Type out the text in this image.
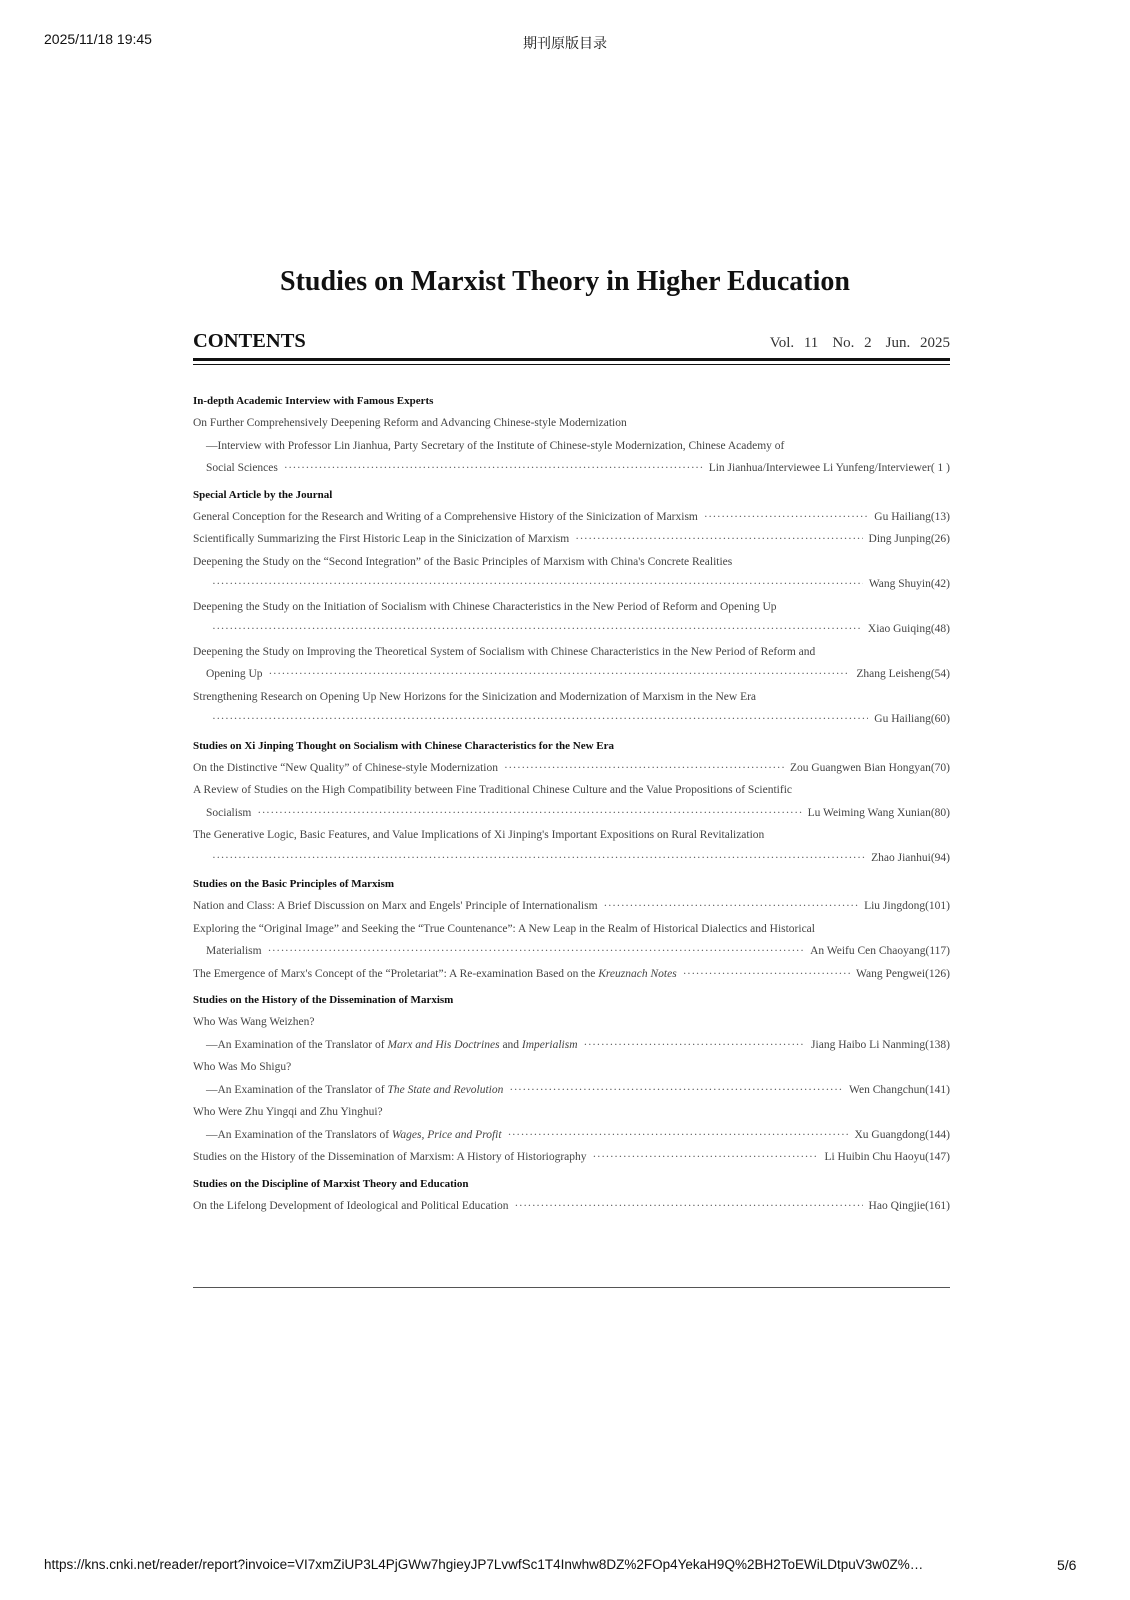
2025/11/18 19:45	期刊原版目录
Studies on Marxist Theory in Higher Education
CONTENTS	Vol. 11 No. 2 Jun. 2025
In-depth Academic Interview with Famous Experts
On Further Comprehensively Deepening Reform and Advancing Chinese-style Modernization
—Interview with Professor Lin Jianhua, Party Secretary of the Institute of Chinese-style Modernization, Chinese Academy of
Social Sciences ·····	Lin Jianhua/Interviewee Li Yunfeng/Interviewer( 1 )
Special Article by the Journal
General Conception for the Research and Writing of a Comprehensive History of the Sinicization of Marxism ·····	Gu Hailiang(13)
Scientifically Summarizing the First Historic Leap in the Sinicization of Marxism ·····	Ding Junping(26)
Deepening the Study on the “Second Integration” of the Basic Principles of Marxism with China's Concrete Realities
·····
Wang Shuyin(42)
Deepening the Study on the Initiation of Socialism with Chinese Characteristics in the New Period of Reform and Opening Up
·····
Xiao Guiqing(48)
Deepening the Study on Improving the Theoretical System of Socialism with Chinese Characteristics in the New Period of Reform and
Opening Up ·····	Zhang Leisheng(54)
Strengthening Research on Opening Up New Horizons for the Sinicization and Modernization of Marxism in the New Era
·····
Gu Hailiang(60)
Studies on Xi Jinping Thought on Socialism with Chinese Characteristics for the New Era
On the Distinctive “New Quality” of Chinese-style Modernization ·····	Zou Guangwen Bian Hongyan(70)
A Review of Studies on the High Compatibility between Fine Traditional Chinese Culture and the Value Propositions of Scientific
Socialism ·····	Lu Weiming Wang Xunian(80)
The Generative Logic, Basic Features, and Value Implications of Xi Jinping's Important Expositions on Rural Revitalization
·····
Zhao Jianhui(94)
Studies on the Basic Principles of Marxism
Nation and Class: A Brief Discussion on Marx and Engels' Principle of Internationalism ·····	Liu Jingdong(101)
Exploring the “Original Image” and Seeking the “True Countenance”: A New Leap in the Realm of Historical Dialectics and Historical
Materialism ·····	An Weifu Cen Chaoyang(117)
The Emergence of Marx's Concept of the “Proletariat”: A Re-examination Based on the Kreuznach Notes ·····	Wang Pengwei(126)
Studies on the History of the Dissemination of Marxism
Who Was Wang Weizhen?
—An Examination of the Translator of Marx and His Doctrines and Imperialism ·····	Jiang Haibo Li Nanming(138)
Who Was Mo Shigu?
—An Examination of the Translator of The State and Revolution ·····	Wen Changchun(141)
Who Were Zhu Yingqi and Zhu Yinghui?
—An Examination of the Translators of Wages, Price and Profit ·····	Xu Guangdong(144)
Studies on the History of the Dissemination of Marxism: A History of Historiography ·····	Li Huibin Chu Haoyu(147)
Studies on the Discipline of Marxist Theory and Education
On the Lifelong Development of Ideological and Political Education ·····	Hao Qingjie(161)
https://kns.cnki.net/reader/report?invoice=VI7xmZiUP3L4PjGWw7hgieyJP7LvwfSc1T4Inwhw8DZ%2FOp4YekaH9Q%2BH2ToEWiLDtpuV3w0Z%…	5/6
